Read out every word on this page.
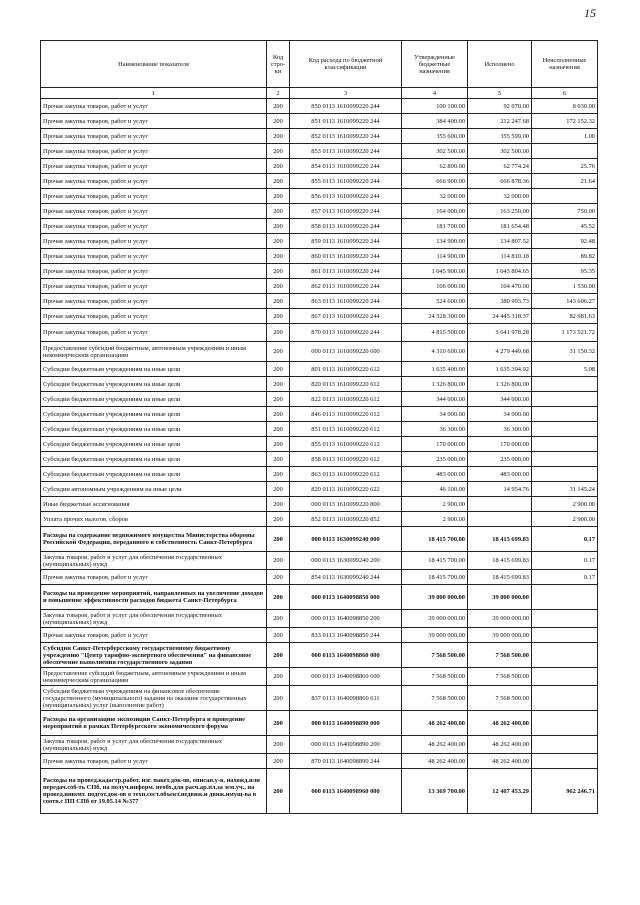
15
Наименование показателя	Код стро-ки	Код расхода по бюджетной классификации	Утвержденные бюджетные назначения	Исполнено	Неисполненные назначения
1	2	3	4	5	6
Прочая закупка товаров, работ и услуг	200	850 0113 1610099220 244	100 100.00	92 070.00	8 030.00
Прочая закупка товаров, работ и услуг	200	851 0113 1610099220 244	384 400.00	212 247.68	172 152.32
Прочая закупка товаров, работ и услуг	200	852 0113 1610099220 244	355 600.00	355 599.00	1.00
Прочая закупка товаров, работ и услуг	200	853 0113 1610099220 244	302 500.00	302 500.00	
Прочая закупка товаров, работ и услуг	200	854 0113 1610099220 244	62 800.00	62 774.24	25.76
Прочая закупка товаров, работ и услуг	200	855 0113 1610099220 244	666 900.00	666 878.36	21.64
Прочая закупка товаров, работ и услуг	200	856 0113 1610099220 244	32 000.00	32 000.00	
Прочая закупка товаров, работ и услуг	200	857 0113 1610099220 244	164 000.00	163 250.00	750.00
Прочая закупка товаров, работ и услуг	200	858 0113 1610099220 244	181 700.00	181 654.48	45.52
Прочая закупка товаров, работ и услуг	200	859 0113 1610099220 244	134 900.00	134 807.52	92.48
Прочая закупка товаров, работ и услуг	200	860 0113 1610099220 244	114 900.00	114 810.18	89.82
Прочая закупка товаров, работ и услуг	200	861 0113 1610099220 244	1 045 900.00	1 045 804.65	95.35
Прочая закупка товаров, работ и услуг	200	862 0113 1610099220 244	106 000.00	104 470.00	1 530.00
Прочая закупка товаров, работ и услуг	200	863 0113 1610099220 244	524 600.00	380 993.73	143 606.27
Прочая закупка товаров, работ и услуг	200	867 0113 1610099220 244	24 528 300.00	24 445 318.37	82 981.63
Прочая закупка товаров, работ и услуг	200	870 0113 1610099220 244	4 815 500.00	3 641 978.28	1 173 521.72
Предоставление субсидий бюджетным, автономным учреждениям и иным некоммерческим организациям	200	000 0113 1610099220 600	4 310 600.00	4 279 449.68	31 150.32
Субсидии бюджетным учреждениям на иные цели	200	801 0113 1610099220 612	1 635 400.00	1 635 394.92	5.08
Субсидии бюджетным учреждениям на иные цели	200	820 0113 1610099220 612	1 326 800.00	1 326 800.00	
Субсидии бюджетным учреждениям на иные цели	200	822 0113 1610099220 612	344 000.00	344 000.00	
Субсидии бюджетным учреждениям на иные цели	200	846 0113 1610099220 612	34 000.00	34 000.00	
Субсидии бюджетным учреждениям на иные цели	200	851 0113 1610099220 612	36 300.00	36 300.00	
Субсидии бюджетным учреждениям на иные цели	200	855 0113 1610099220 612	170 000.00	170 000.00	
Субсидии бюджетным учреждениям на иные цели	200	858 0113 1610099220 612	235 000.00	235 000.00	
Субсидии бюджетным учреждениям на иные цели	200	863 0113 1610099220 612	483 000.00	483 000.00	
Субсидии автономным учреждениям на иные цели	200	820 0113 1610099220 622	46 100.00	14 954.76	31 145.24
Иные бюджетные ассигнования	200	000 0113 1610099220 800	2 900.00		2 900.00
Уплата прочих налогов, сборов	200	852 0113 1610099220 852	2 900.00		2 900.00
Расходы на содержание недвижимого имущества Министерства обороны Российской Федерации, переданного в собственность Санкт-Петербурга	200	000 0113 1630099240 000	18 415 700.00	18 415 699.83	0.17
Закупка товаров, работ и услуг для обеспечения государственных (муниципальных) нужд	200	000 0113 1630099240 200	18 415 700.00	18 415 699.83	0.17
Прочая закупка товаров, работ и услуг	200	854 0113 1630099240 244	18 415 700.00	18 415 699.83	0.17
Расходы на проведение мероприятий, направленных на увеличение доходов и повышение эффективности расходов бюджета Санкт-Петербурга	200	000 0113 1640098850 000	39 000 000.00	39 000 000.00	
Закупка товаров, работ и услуг для обеспечения государственных (муниципальных) нужд	200	000 0113 1640098850 200	39 000 000.00	39 000 000.00	
Прочая закупка товаров, работ и услуг	200	833 0113 1640098850 244	39 000 000.00	39 000 000.00	
Субсидии Санкт-Петербургскому государственному бюджетному учреждению "Центр тарифно-экспертного обеспечения" на финансовое обеспечение выполнения государственного задания	200	000 0113 1640098860 000	7 568 500.00	7 568 500.00	
Предоставление субсидий бюджетным, автономным учреждениям и иным некоммерческим организациям	200	000 0113 1640098860 600	7 568 500.00	7 568 500.00	
Субсидии бюджетным учреждениям на финансовое обеспечение государственного (муниципального) задания на оказание государственных (муниципальных) услуг (выполнение работ)	200	837 0113 1640098860 611	7 568 500.00	7 568 500.00	
Расходы на организацию экспозиции Санкт-Петербурга и проведение мероприятий в рамках Петербургского экономического форума	200	000 0113 1640098890 000	48 262 400.00	48 262 400.00	
Закупка товаров, работ и услуг для обеспечения государственных (муниципальных) нужд	200	000 0113 1640098890 200	48 262 400.00	48 262 400.00	
Прочая закупка товаров, работ и услуг	200	870 0113 1640098890 244	48 262 400.00	48 262 400.00	
Расходы на провед.кадастр.работ, изг. пакет.док-ов, описан.у-в, нахожд.или передач.соб-ть СПб, на получ.информ. необх.для расч.ар.пл.за зем.уч., на провед.инвент. подгот.док-ов о техн.сост.объект.недвиж.и движ.имущ-ва в соотв.с ПП СПб от 19.05.14 №377	200	000 0113 1640098960 000	13 369 700.00	12 407 453.29	962 246.71
